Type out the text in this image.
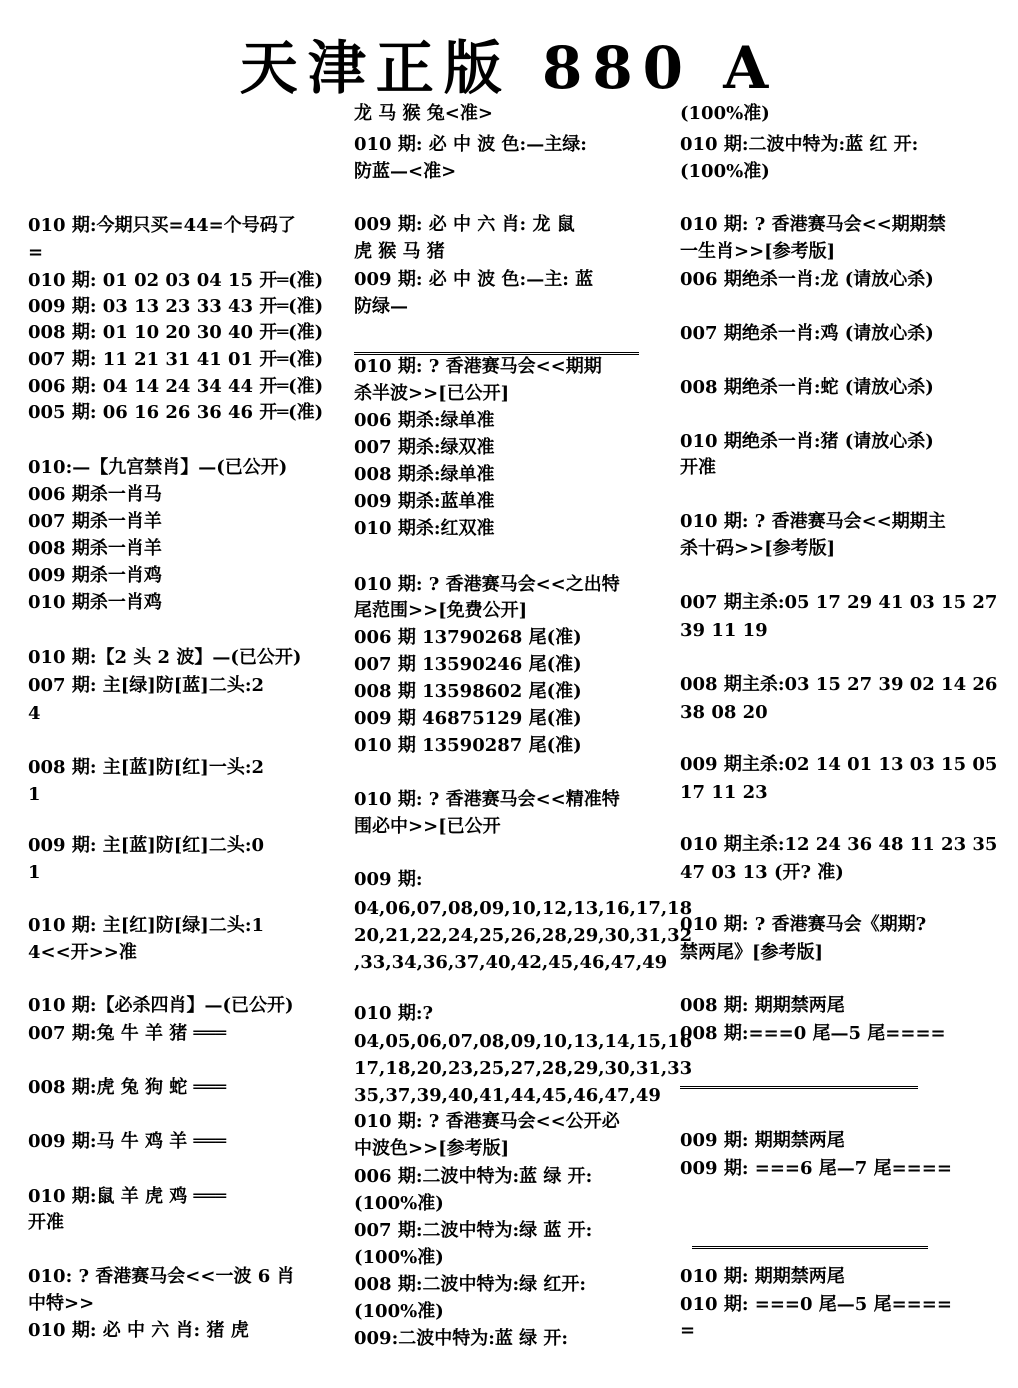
天津正版 880 A
010 期:今期只买=44=个号码了
=
010 期: 01 02 03 04 15 开═(准)
009 期: 03 13 23 33 43 开═(准)
008 期: 01 10 20 30 40 开═(准)
007 期: 11 21 31 41 01 开═(准)
006 期: 04 14 24 34 44 开═(准)
005 期: 06 16 26 36 46 开═(准)
010:—【九宫禁肖】—(已公开)
006 期杀一肖马
007 期杀一肖羊
008 期杀一肖羊
009 期杀一肖鸡
010 期杀一肖鸡
010 期:【2 头 2 波】—(已公开)
007 期: 主[绿]防[蓝]二头:2
4
008 期: 主[蓝]防[红]一头:2
1
009 期: 主[蓝]防[红]二头:0
1
010 期: 主[红]防[绿]二头:1
4<<开>>准
010 期:【必杀四肖】—(已公开)
007 期:兔 牛 羊 猪 ═══
008 期:虎 兔 狗 蛇 ═══
009 期:马 牛 鸡 羊 ═══
010 期:鼠 羊 虎 鸡 ═══
开准
010: ? 香港赛马会<<一波 6 肖
中特>>
010 期: 必 中 六 肖: 猪 虎
龙 马 猴 兔<准>
010 期: 必 中 波 色:—主绿:
防蓝—<准>
009 期: 必 中 六 肖: 龙 鼠
虎 猴 马 猪
009 期: 必 中 波 色:—主: 蓝
防绿—
010 期: ? 香港赛马会<<期期
杀半波>>[已公开]
006 期杀:绿单准
007 期杀:绿双准
008 期杀:绿单准
009 期杀:蓝单准
010 期杀:红双准
010 期: ? 香港赛马会<<之出特
尾范围>>[免费公开]
006 期 13790268 尾(准)
007 期 13590246 尾(准)
008 期 13598602 尾(准)
009 期 46875129 尾(准)
010 期 13590287 尾(准)
010 期: ? 香港赛马会<<精准特
围必中>>[已公开
009 期:
04,06,07,08,09,10,12,13,16,17,18
20,21,22,24,25,26,28,29,30,31,32
,33,34,36,37,40,42,45,46,47,49
010 期:?
04,05,06,07,08,09,10,13,14,15,16
17,18,20,23,25,27,28,29,30,31,33
35,37,39,40,41,44,45,46,47,49
010 期: ? 香港赛马会<<公开必
中波色>>[参考版]
006 期:二波中特为:蓝 绿 开:
(100%准)
007 期:二波中特为:绿 蓝 开:
(100%准)
008 期:二波中特为:绿 红开:
(100%准)
009:二波中特为:蓝 绿 开:
(100%准)
010 期:二波中特为:蓝 红 开:
(100%准)
010 期: ? 香港赛马会<<期期禁
一生肖>>[参考版]
006 期绝杀一肖:龙 (请放心杀)
007 期绝杀一肖:鸡 (请放心杀)
008 期绝杀一肖:蛇 (请放心杀)
010 期绝杀一肖:猪 (请放心杀)
开准
010 期: ? 香港赛马会<<期期主
杀十码>>[参考版]
007 期主杀:05 17 29 41 03 15 27
39 11 19
008 期主杀:03 15 27 39 02 14 26
38 08 20
009 期主杀:02 14 01 13 03 15 05
17 11 23
010 期主杀:12 24 36 48 11 23 35
47 03 13 (开? 准)
010 期: ? 香港赛马会《期期?
禁两尾》[参考版]
008 期: 期期禁两尾
008 期:===0 尾—5 尾====
009 期: 期期禁两尾
009 期: ===6 尾—7 尾====
010 期: 期期禁两尾
010 期: ===0 尾—5 尾====
=
